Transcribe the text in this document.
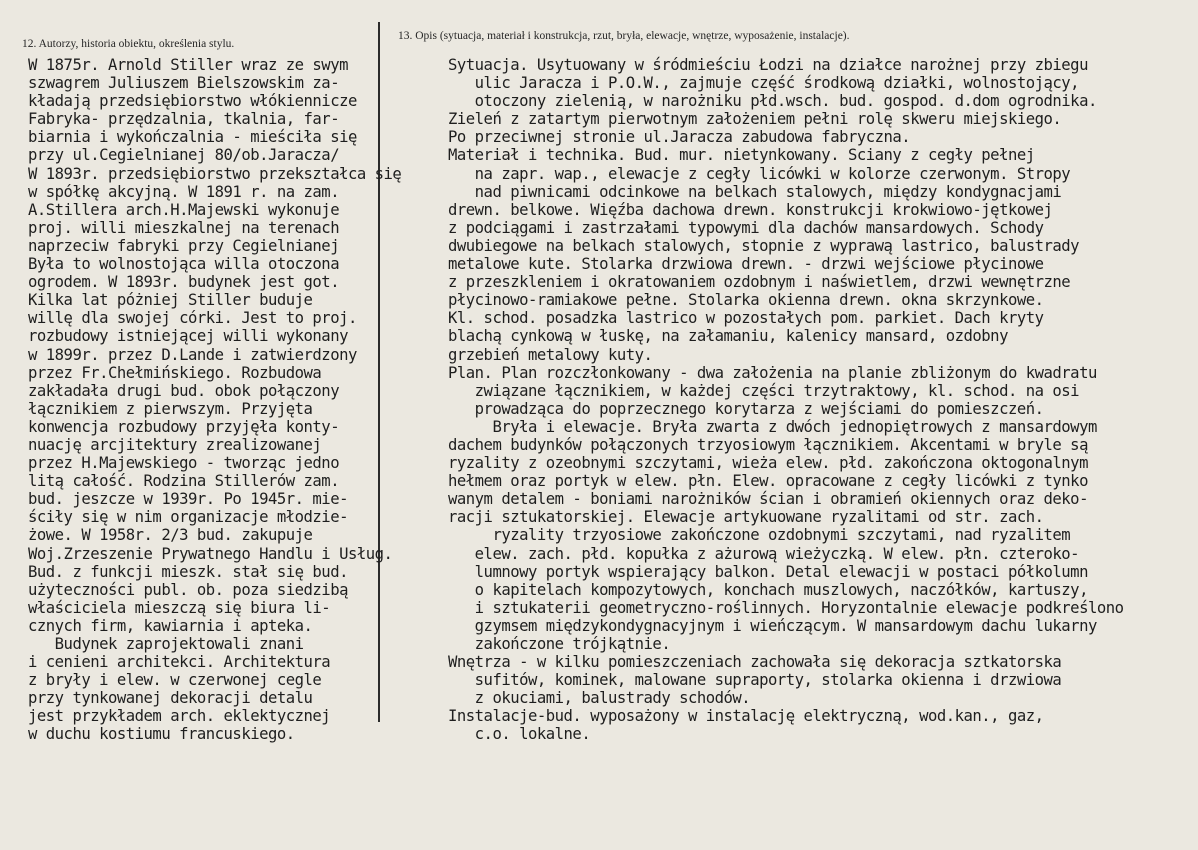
12. Autorzy, historia obiektu, określenia stylu.
13. Opis (sytuacja, materiał i konstrukcja, rzut, bryła, elewacje, wnętrze, wyposażenie, instalacje).
W 1875r. Arnold Stiller wraz ze swym
szwagrem Juliuszem Bielszowskim za-
kładają przedsiębiorstwo włókiennicze
Fabryka- przędzalnia, tkalnia, far-
biarnia i wykończalnia - mieściła się
przy ul.Cegielnianej 80/ob.Jaracza/
W 1893r. przedsiębiorstwo przekształca się
w spółkę akcyjną. W 1891 r. na zam.
A.Stillera arch.H.Majewski wykonuje
proj. willi mieszkalnej na terenach
naprzeciw fabryki przy Cegielnianej
Była to wolnostojąca willa otoczona
ogrodem. W 1893r. budynek jest got.
Kilka lat póżniej Stiller buduje
willę dla swojej córki. Jest to proj.
rozbudowy istniejącej willi wykonany
w 1899r. przez D.Lande i zatwierdzony
przez Fr.Chełmińskiego. Rozbudowa
zakładała drugi bud. obok połączony
łącznikiem z pierwszym. Przyjęta
konwencja rozbudowy przyjęła konty-
nuację arcjitektury zrealizowanej
przez H.Majewskiego - tworząc jedno
litą całość. Rodzina Stillerów zam.
bud. jeszcze w 1939r. Po 1945r. mie-
ściły się w nim organizacje młodzie-
żowe. W 1958r. 2/3 bud. zakupuje
Woj.Zrzeszenie Prywatnego Handlu i Usług.
Bud. z funkcji mieszk. stał się bud.
użyteczności publ. ob. poza siedzibą
właściciela mieszczą się biura li-
cznych firm, kawiarnia i apteka.
Budynek zaprojektowali znani
i cenieni architekci. Architektura
z bryły i elew. w czerwonej cegle
przy tynkowanej dekoracji detalu
jest przykładem arch. eklektycznej
w duchu kostiumu francuskiego.
Sytuacja. Usytuowany w śródmieściu Łodzi na działce narożnej przy zbiegu
ulic Jaracza i P.O.W., zajmuje część środkową działki, wolnostojący,
otoczony zielenią, w narożniku płd.wsch. bud. gospod. d.dom ogrodnika.
Zieleń z zatartym pierwotnym założeniem pełni rolę skweru miejskiego.
Po przeciwnej stronie ul.Jaracza zabudowa fabryczna.
Materiał i technika. Bud. mur. nietynkowany. Sciany z cegły pełnej
na zapr. wap., elewacje z cegły licówki w kolorze czerwonym. Stropy
nad piwnicami odcinkowe na belkach stalowych, między kondygnacjami
drewn. belkowe. Więźba dachowa drewn. konstrukcji krokwiowo-jętkowej
z podciągami i zastrzałami typowymi dla dachów mansardowych. Schody
dwubiegowe na belkach stalowych, stopnie z wyprawą lastrico, balustrady
metalowe kute. Stolarka drzwiowa drewn. - drzwi wejściowe płycinowe
z przeszkleniem i okratowaniem ozdobnym i naświetlem, drzwi wewnętrzne
płycinowo-ramiakowe pełne. Stolarka okienna drewn. okna skrzynkowe.
Kl. schod. posadzka lastrico w pozostałych pom. parkiet. Dach kryty
blachą cynkową w łuskę, na załamaniu, kalenicy mansard, ozdobny
grzebień metalowy kuty.
Plan. Plan rozczłonkowany - dwa założenia na planie zbliżonym do kwadratu
związane łącznikiem, w każdej części trzytraktowy, kl. schod. na osi
prowadząca do poprzecznego korytarza z wejściami do pomieszczeń.
Bryła i elewacje. Bryła zwarta z dwóch jednopiętrowych z mansardowym
dachem budynków połączonych trzyosiowym łącznikiem. Akcentami w bryle są
ryzality z ozeobnymi szczytami, wieża elew. płd. zakończona oktogonalnym
hełmem oraz portyk w elew. płn. Elew. opracowane z cegły licówki z tynko
wanym detalem - boniami narożników ścian i obramień okiennych oraz deko-
racji sztukatorskiej. Elewacje artykuowane ryzalitami od str. zach.
ryzality trzyosiowe zakończone ozdobnymi szczytami, nad ryzalitem
elew. zach. płd. kopułka z ażurową wieżyczką. W elew. płn. czteroko-
lumnowy portyk wspierający balkon. Detal elewacji w postaci półkolumn
o kapitelach kompozytowych, konchach muszlowych, naczółków, kartuszy,
i sztukaterii geometryczno-roślinnych. Horyzontalnie elewacje podkreślono
gzymsem międzykondygnacyjnym i wieńczącym. W mansardowym dachu lukarny
zakończone trójkątnie.
Wnętrza - w kilku pomieszczeniach zachowała się dekoracja sztkatorska
sufitów, kominek, malowane supraporty, stolarka okienna i drzwiowa
z okuciami, balustrady schodów.
Instalacje-bud. wyposażony w instalację elektryczną, wod.kan., gaz,
c.o. lokalne.
